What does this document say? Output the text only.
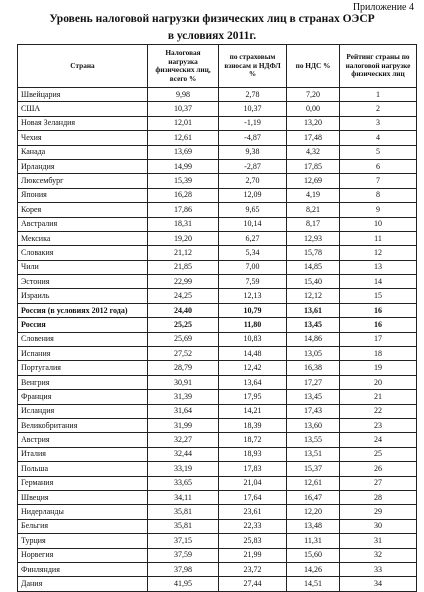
Приложение 4
Уровень налоговой нагрузки физических лиц в странах ОЭСР
в условиях 2011г.
Страна	Налоговая нагрузка физических лиц, всего %	по страховым взносам и НДФЛ %	по НДС %	Рейтинг страны по налоговой нагрузке физических лиц
Швейцария	9,98	2,78	7,20	1
США	10,37	10,37	0,00	2
Новая Зеландия	12,01	-1,19	13,20	3
Чехия	12,61	-4,87	17,48	4
Канада	13,69	9,38	4,32	5
Ирландия	14,99	-2,87	17,85	6
Люксембург	15,39	2,70	12,69	7
Япония	16,28	12,09	4,19	8
Корея	17,86	9,65	8,21	9
Австралия	18,31	10,14	8,17	10
Мексика	19,20	6,27	12,93	11
Словакия	21,12	5,34	15,78	12
Чили	21,85	7,00	14,85	13
Эстония	22,99	7,59	15,40	14
Израиль	24,25	12,13	12,12	15
Россия (в условиях 2012 года)	24,40	10,79	13,61	16
Россия	25,25	11,80	13,45	16
Словения	25,69	10,83	14,86	17
Испания	27,52	14,48	13,05	18
Португалия	28,79	12,42	16,38	19
Венгрия	30,91	13,64	17,27	20
Франция	31,39	17,95	13,45	21
Исландия	31,64	14,21	17,43	22
Великобритания	31,99	18,39	13,60	23
Австрия	32,27	18,72	13,55	24
Италия	32,44	18,93	13,51	25
Польша	33,19	17,83	15,37	26
Германия	33,65	21,04	12,61	27
Швеция	34,11	17,64	16,47	28
Нидерланды	35,81	23,61	12,20	29
Бельгия	35,81	22,33	13,48	30
Турция	37,15	25,83	11,31	31
Норвегия	37,59	21,99	15,60	32
Финляндия	37,98	23,72	14,26	33
Дания	41,95	27,44	14,51	34
